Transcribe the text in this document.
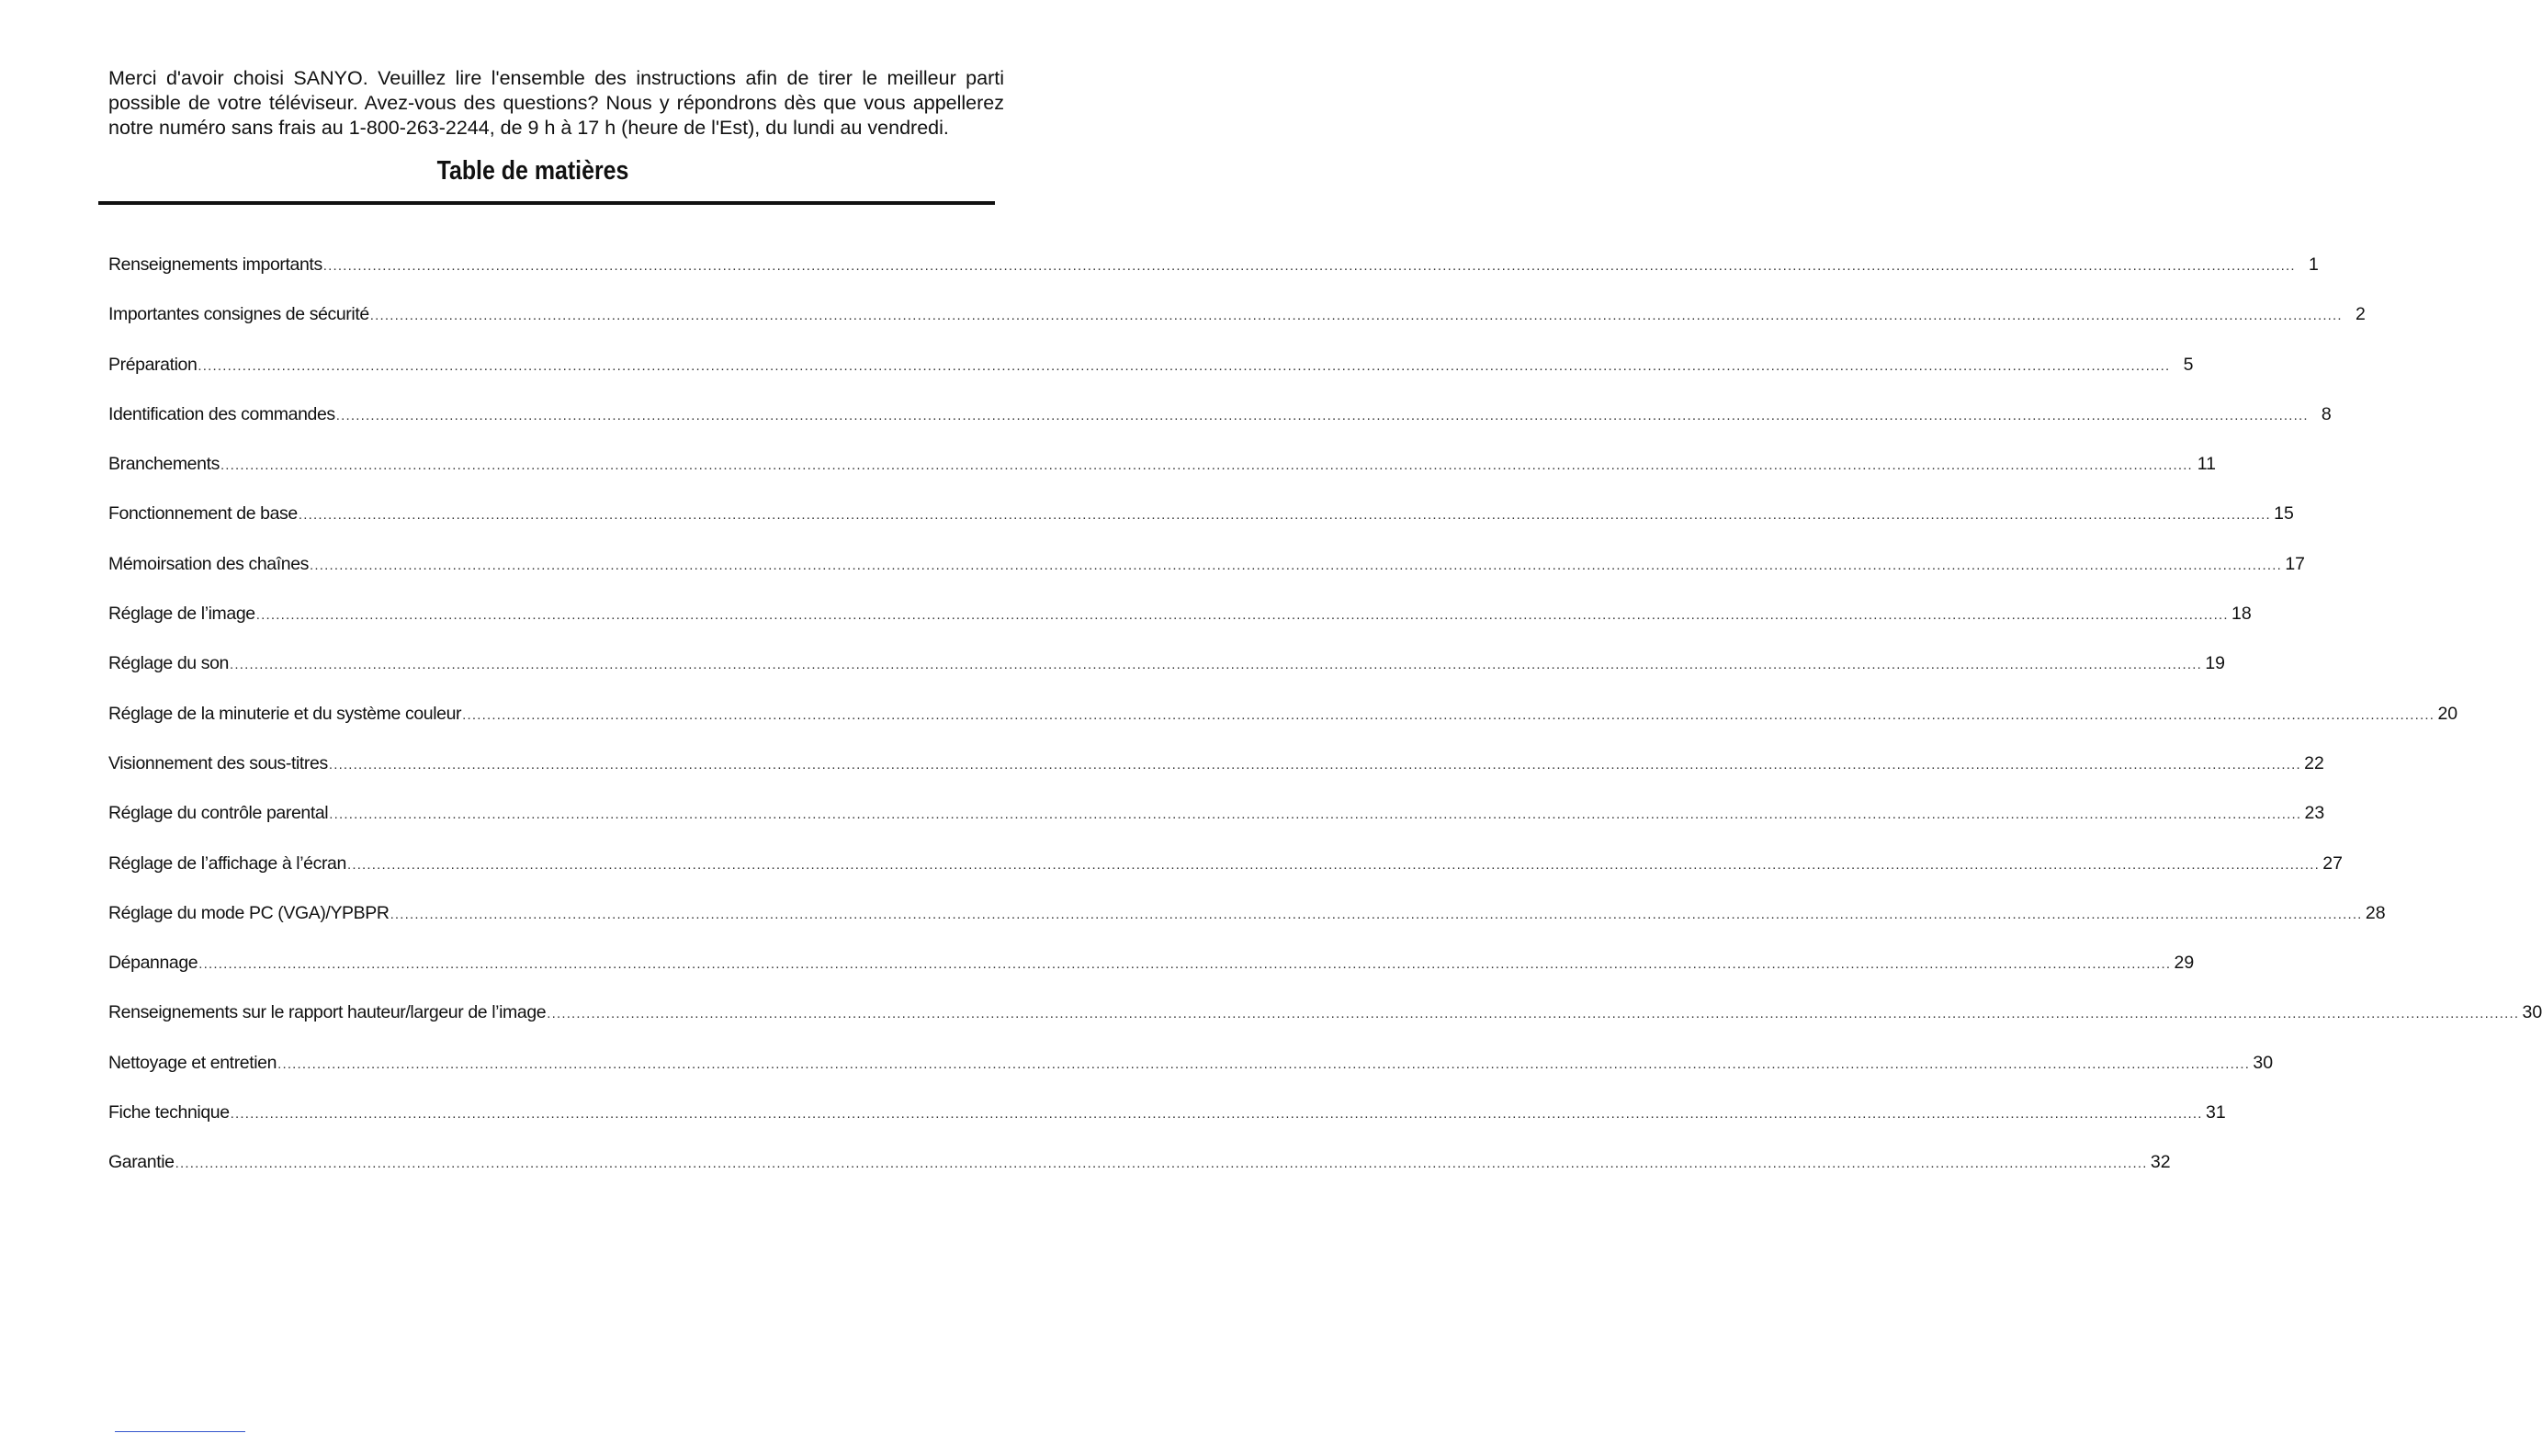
Merci d'avoir choisi SANYO. Veuillez lire l'ensemble des instructions afin de tirer le meilleur parti
possible de votre téléviseur. Avez-vous des questions? Nous y répondrons dès que vous appellerez
notre numéro sans frais au 1-800-263-2244, de 9 h à 17 h (heure de l'Est), du lundi au vendredi.
Table de matières
Renseignements importants ................................................................................................................................................................................................................................................................................................................................................................................................................ 1
Importantes consignes de sécurité ................................................................................................................................................................................................................................................................................................................................................................................................................ 2
Préparation ................................................................................................................................................................................................................................................................................................................................................................................................................ 5
Identification des commandes ................................................................................................................................................................................................................................................................................................................................................................................................................ 8
Branchements ................................................................................................................................................................................................................................................................................................................................................................................................................ 11
Fonctionnement de base ................................................................................................................................................................................................................................................................................................................................................................................................................ 15
Mémoirsation des chaînes ................................................................................................................................................................................................................................................................................................................................................................................................................ 17
Réglage de l’image ................................................................................................................................................................................................................................................................................................................................................................................................................ 18
Réglage du son ................................................................................................................................................................................................................................................................................................................................................................................................................ 19
Réglage de la minuterie et du système couleur ................................................................................................................................................................................................................................................................................................................................................................................................................ 20
Visionnement des sous-titres ................................................................................................................................................................................................................................................................................................................................................................................................................ 22
Réglage du contrôle parental ................................................................................................................................................................................................................................................................................................................................................................................................................ 23
Réglage de l’affichage à l’écran ................................................................................................................................................................................................................................................................................................................................................................................................................ 27
Réglage du mode PC (VGA)/YPBPR ................................................................................................................................................................................................................................................................................................................................................................................................................ 28
Dépannage ................................................................................................................................................................................................................................................................................................................................................................................................................ 29
Renseignements sur le rapport hauteur/largeur de l’image ................................................................................................................................................................................................................................................................................................................................................................................................................ 30
Nettoyage et entretien ................................................................................................................................................................................................................................................................................................................................................................................................................ 30
Fiche technique ................................................................................................................................................................................................................................................................................................................................................................................................................ 31
Garantie ................................................................................................................................................................................................................................................................................................................................................................................................................ 32
